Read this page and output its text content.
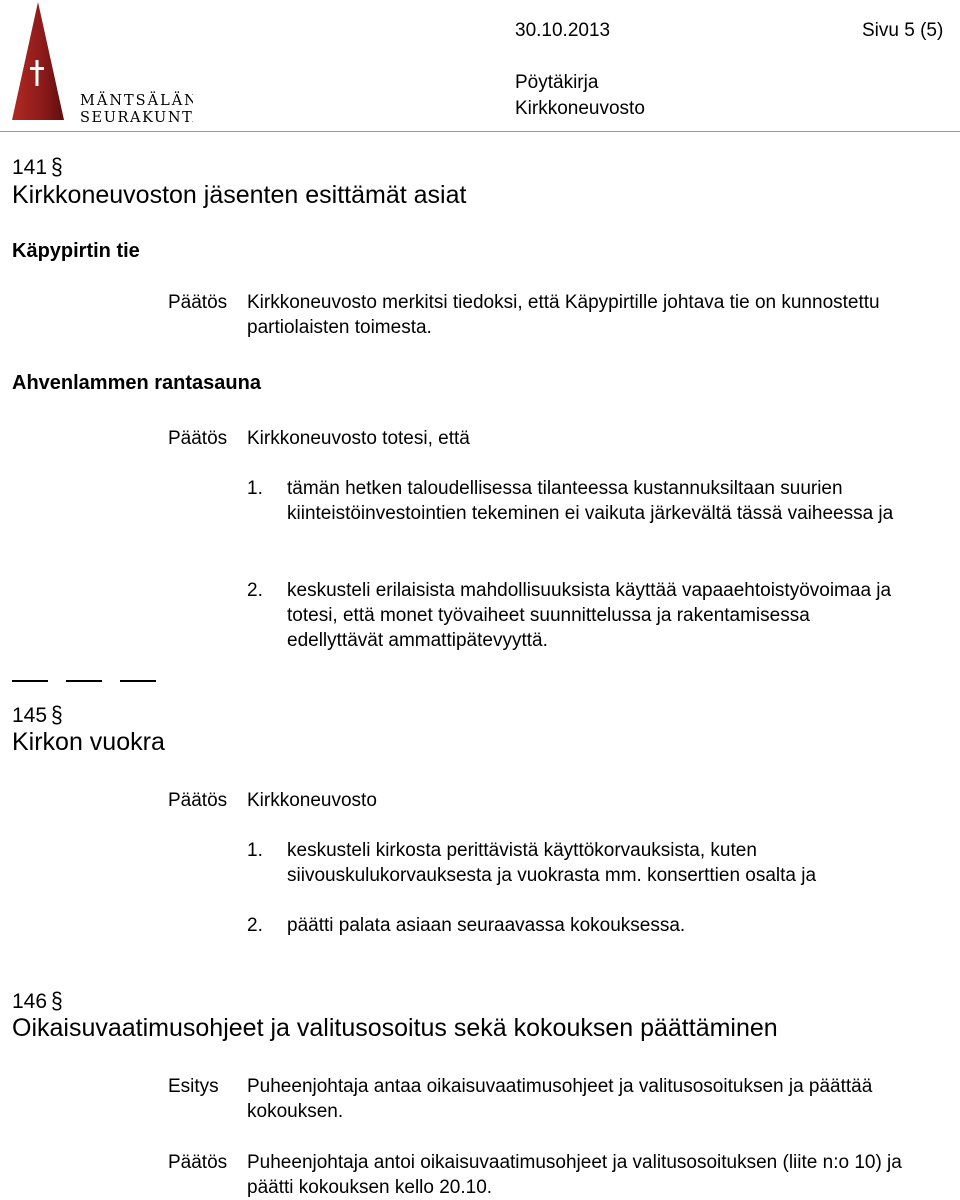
MÄNTSÄLÄN
SEURAKUNTA
30.10.2013	Sivu 5 (5)
Pöytäkirja
Kirkkoneuvosto
141 §
Kirkkoneuvoston jäsenten esittämät asiat
Käpypirtin tie
Päätös Kirkkoneuvosto merkitsi tiedoksi, että Käpypirtille johtava tie on kunnostettu partiolaisten toimesta.
Ahvenlammen rantasauna
Päätös Kirkkoneuvosto totesi, että
1. tämän hetken taloudellisessa tilanteessa kustannuksiltaan suurien kiinteistöinvestointien tekeminen ei vaikuta järkevältä tässä vaiheessa ja
2. keskusteli erilaisista mahdollisuuksista käyttää vapaaehtoistyövoimaa ja totesi, että monet työvaiheet suunnittelussa ja rakentamisessa edellyttävät ammattipätevyyttä.
145 §
Kirkon vuokra
Päätös Kirkkoneuvosto
1. keskusteli kirkosta perittävistä käyttökorvauksista, kuten siivouskulukorvauksesta ja vuokrasta mm. konserttien osalta ja
2. päätti palata asiaan seuraavassa kokouksessa.
146 §
Oikaisuvaatimusohjeet ja valitusosoitus sekä kokouksen päättäminen
Esitys Puheenjohtaja antaa oikaisuvaatimusohjeet ja valitusosoituksen ja päättää kokouksen.
Päätös Puheenjohtaja antoi oikaisuvaatimusohjeet ja valitusosoituksen (liite n:o 10) ja päätti kokouksen kello 20.10.
